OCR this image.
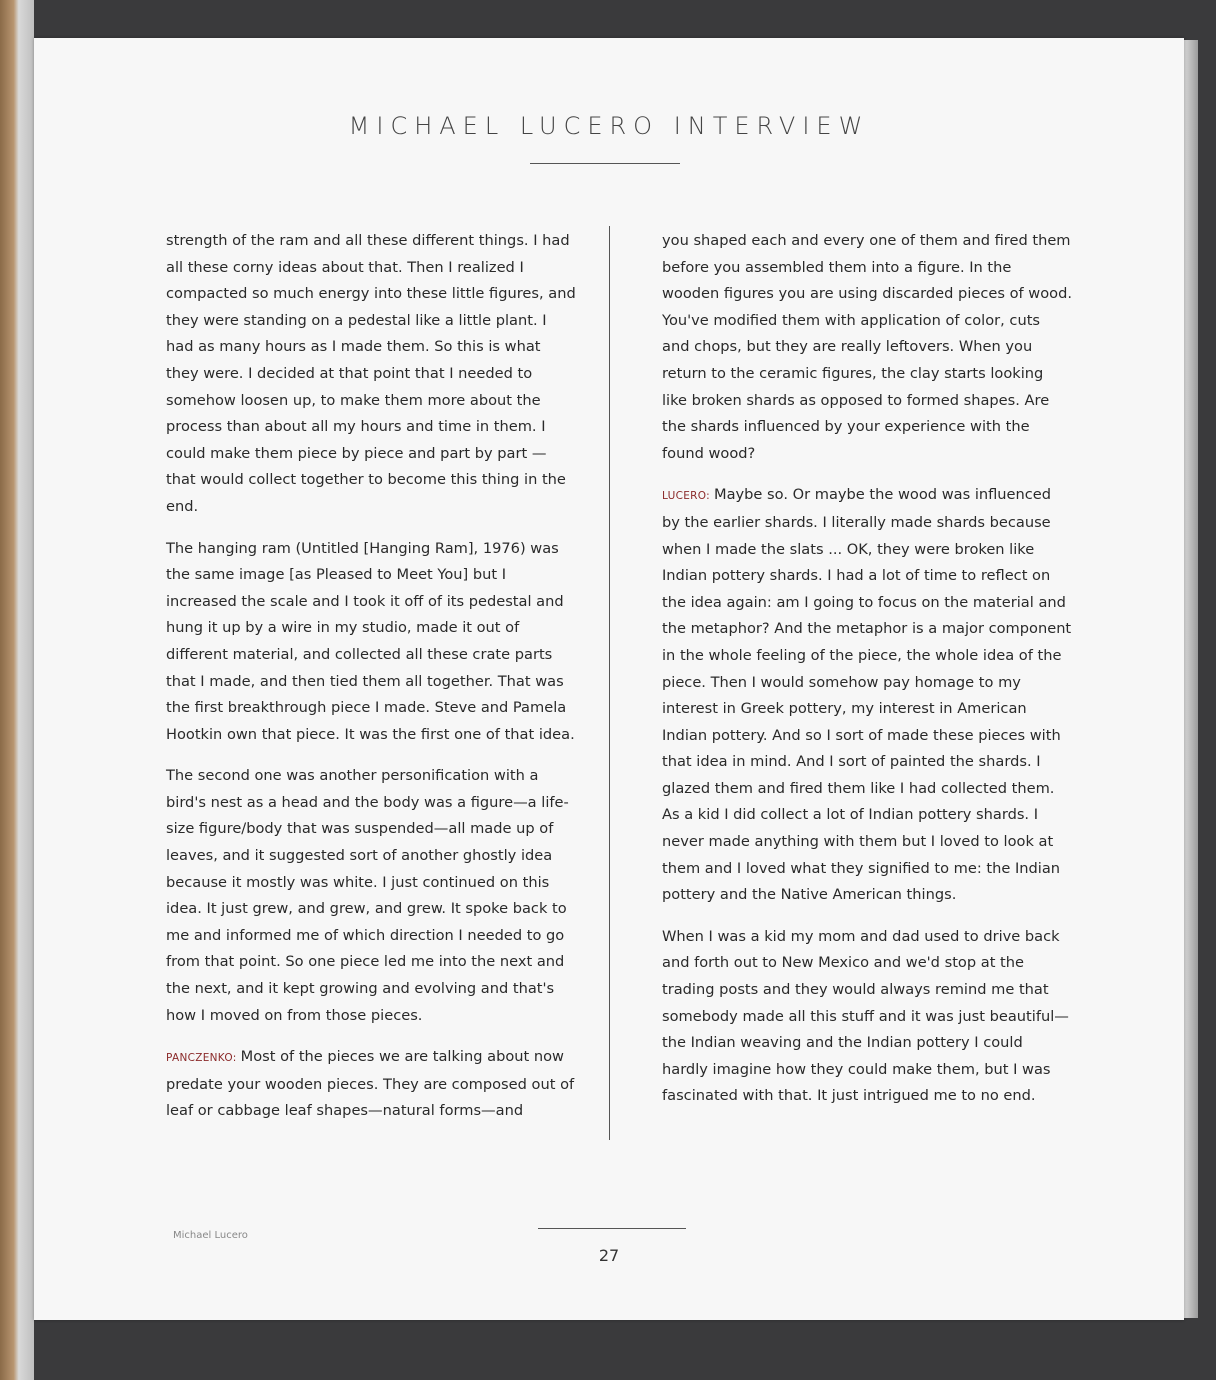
MICHAEL LUCERO INTERVIEW

strength of the ram and all these different things. I had all these corny ideas about that. Then I realized I compacted so much energy into these little figures, and they were standing on a pedestal like a little plant. I had as many hours as I made them. So this is what they were. I decided at that point that I needed to somehow loosen up, to make them more about the process than about all my hours and time in them. I could make them piece by piece and part by part — that would collect together to become this thing in the end.

The hanging ram (Untitled [Hanging Ram], 1976) was the same image [as Pleased to Meet You] but I increased the scale and I took it off of its pedestal and hung it up by a wire in my studio, made it out of different material, and collected all these crate parts that I made, and then tied them all together. That was the first breakthrough piece I made. Steve and Pamela Hootkin own that piece. It was the first one of that idea.

The second one was another personification with a bird's nest as a head and the body was a figure—a life-size figure/body that was suspended—all made up of leaves, and it suggested sort of another ghostly idea because it mostly was white. I just continued on this idea. It just grew, and grew, and grew. It spoke back to me and informed me of which direction I needed to go from that point. So one piece led me into the next and the next, and it kept growing and evolving and that's how I moved on from those pieces.

PANCZENKO: Most of the pieces we are talking about now predate your wooden pieces. They are composed out of leaf or cabbage leaf shapes—natural forms—and

you shaped each and every one of them and fired them before you assembled them into a figure. In the wooden figures you are using discarded pieces of wood. You've modified them with application of color, cuts and chops, but they are really leftovers. When you return to the ceramic figures, the clay starts looking like broken shards as opposed to formed shapes. Are the shards influenced by your experience with the found wood?

LUCERO: Maybe so. Or maybe the wood was influenced by the earlier shards. I literally made shards because when I made the slats ... OK, they were broken like Indian pottery shards. I had a lot of time to reflect on the idea again: am I going to focus on the material and the metaphor? And the metaphor is a major component in the whole feeling of the piece, the whole idea of the piece. Then I would somehow pay homage to my interest in Greek pottery, my interest in American Indian pottery. And so I sort of made these pieces with that idea in mind. And I sort of painted the shards. I glazed them and fired them like I had collected them. As a kid I did collect a lot of Indian pottery shards. I never made anything with them but I loved to look at them and I loved what they signified to me: the Indian pottery and the Native American things.

When I was a kid my mom and dad used to drive back and forth out to New Mexico and we'd stop at the trading posts and they would always remind me that somebody made all this stuff and it was just beautiful—the Indian weaving and the Indian pottery I could hardly imagine how they could make them, but I was fascinated with that. It just intrigued me to no end.

Michael Lucero
27
